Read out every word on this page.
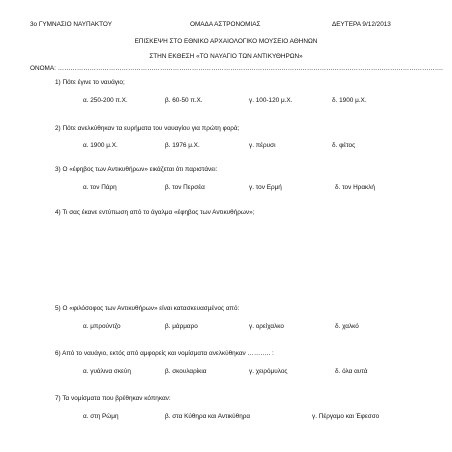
3ο ΓΥΜΝΑΣΙΟ ΝΑΥΠΑΚΤΟΥ	ΟΜΑΔΑ ΑΣΤΡΟΝΟΜΙΑΣ	ΔΕΥΤΕΡΑ 9/12/2013
ΕΠΙΣΚΕΨΗ ΣΤΟ ΕΘΝΙΚΟ ΑΡΧΑΙΟΛΟΓΙΚΟ ΜΟΥΣΕΙΟ ΑΘΗΝΩΝ
ΣΤΗΝ ΕΚΘΕΣΗ «ΤΟ ΝΑΥΑΓΙΟ ΤΩΝ ΑΝΤΙΚΥΘΗΡΩΝ»
ΟΝΟΜΑ: ……………………………………………………………………………………………………………………………………………………………….
1) Πότε έγινε το ναυάγιο;
α. 250-200 π.Χ.	β. 60-50 π.Χ.	γ. 100-120 μ.Χ.	δ. 1900 μ.Χ.
2) Πότε ανελκύθηκαν τα ευρήματα του ναυαγίου για πρώτη φορά;
α. 1900 μ.Χ.	β. 1976 μ.Χ.	γ. πέρυσι	δ. φέτος
3) Ο «έφηβος των Αντικυθήρων» εικάζεται ότι παριστάνει:
α. τον Πάρη	β. τον Περσέα	γ. τον Ερμή	δ. τον Ηρακλή
4) Τι σας έκανε εντύπωση από το άγαλμα «έφηβος των Αντικυθήρων»;
5) Ο «φιλόσοφος των Αντικυθήρων» είναι κατασκευασμένος από:
α. μπρούντζο	β. μάρμαρο	γ. ορείχαλκο	δ. χαλκό
6) Από το ναυάγιο, εκτός από αμφορείς και νομίσματα ανελκύθηκαν ……….. :
α. γυάλινα σκεύη	β. σκουλαρίκια	γ. χειρόμυλος	δ. όλα αυτά
7) Τα νομίσματα που βρέθηκαν κόπηκαν:
α. στη Ρώμη	β. στα Κύθηρα και Αντικύθηρα	γ. Πέργαμο και Έφεσσο
